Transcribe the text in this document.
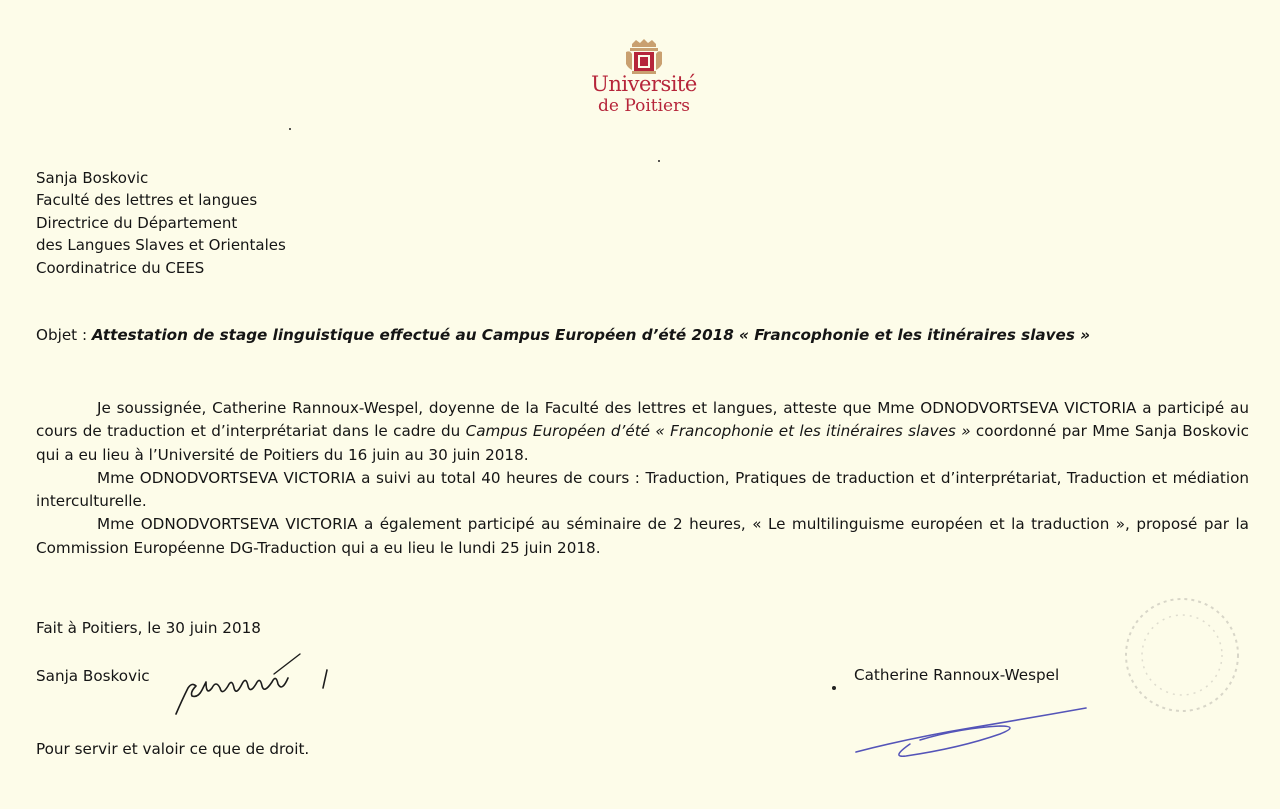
Université
de Poitiers
Sanja Boskovic
Faculté des lettres et langues
Directrice du Département
des Langues Slaves et Orientales
Coordinatrice du CEES
Objet : Attestation de stage linguistique effectué au Campus Européen d’été 2018 « Francophonie et les itinéraires slaves »

Je soussignée, Catherine Rannoux-Wespel, doyenne de la Faculté des lettres et langues, atteste que Mme ODNODVORTSEVA VICTORIA a participé au cours de traduction et d’interprétariat dans le cadre du Campus Européen d’été « Francophonie et les itinéraires slaves » coordonné par Mme Sanja Boskovic qui a eu lieu à l’Université de Poitiers du 16 juin au 30 juin 2018.

Mme ODNODVORTSEVA VICTORIA a suivi au total 40 heures de cours : Traduction, Pratiques de traduction et d’interprétariat, Traduction et médiation interculturelle.

Mme ODNODVORTSEVA VICTORIA a également participé au séminaire de 2 heures, « Le multilinguisme européen et la traduction », proposé par la Commission Européenne DG-Traduction qui a eu lieu le lundi 25 juin 2018.

Fait à Poitiers, le 30 juin 2018
Sanja Boskovic	Catherine Rannoux-Wespel
Pour servir et valoir ce que de droit.
